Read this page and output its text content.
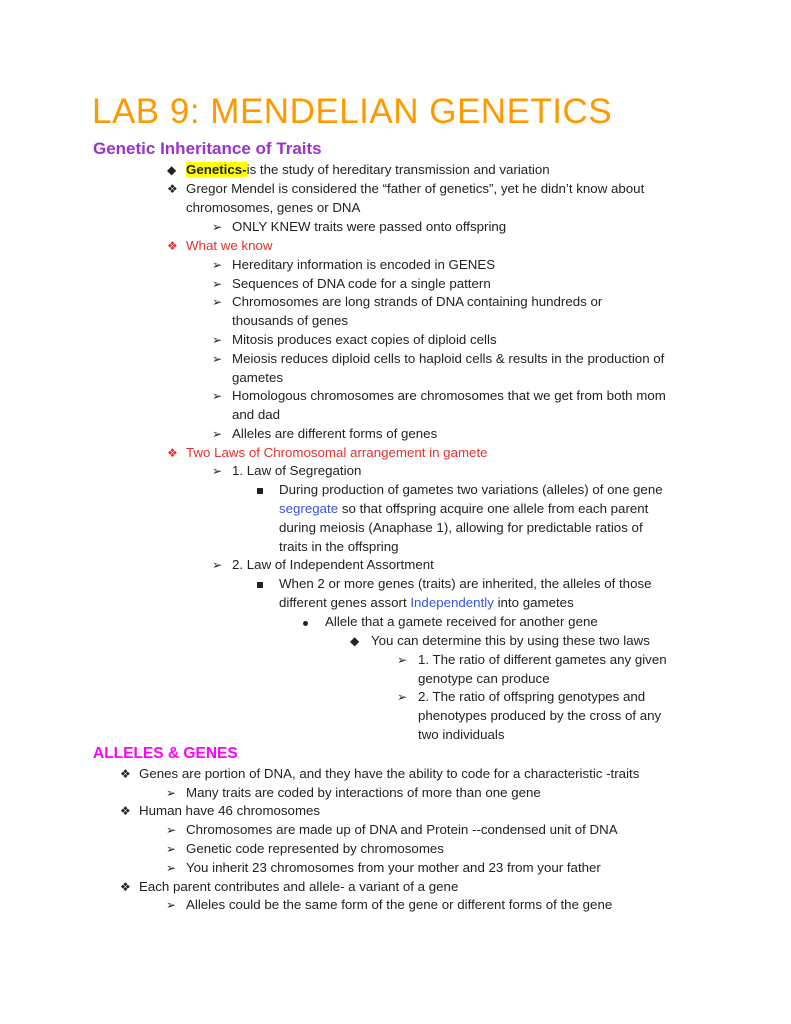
LAB 9: MENDELIAN GENETICS
Genetic Inheritance of Traits
◆ Genetics-is the study of hereditary transmission and variation
❖ Gregor Mendel is considered the “father of genetics”, yet he didn’t know about
chromosomes, genes or DNA
➢ ONLY KNEW traits were passed onto offspring
❖ What we know
➢ Hereditary information is encoded in GENES
➢ Sequences of DNA code for a single pattern
➢ Chromosomes are long strands of DNA containing hundreds or
thousands of genes
➢ Mitosis produces exact copies of diploid cells
➢ Meiosis reduces diploid cells to haploid cells & results in the production of
gametes
➢ Homologous chromosomes are chromosomes that we get from both mom
and dad
➢ Alleles are different forms of genes
❖ Two Laws of Chromosomal arrangement in gamete
➢ 1. Law of Segregation
During production of gametes two variations (alleles) of one gene
segregate so that offspring acquire one allele from each parent
during meiosis (Anaphase 1), allowing for predictable ratios of
traits in the offspring
➢ 2. Law of Independent Assortment
When 2 or more genes (traits) are inherited, the alleles of those
different genes assort Independently into gametes
Allele that a gamete received for another gene
◆ You can determine this by using these two laws
➢ 1. The ratio of different gametes any given
genotype can produce
➢ 2. The ratio of offspring genotypes and
phenotypes produced by the cross of any
two individuals
ALLELES & GENES
❖ Genes are portion of DNA, and they have the ability to code for a characteristic -traits
➢ Many traits are coded by interactions of more than one gene
❖ Human have 46 chromosomes
➢ Chromosomes are made up of DNA and Protein --condensed unit of DNA
➢ Genetic code represented by chromosomes
➢ You inherit 23 chromosomes from your mother and 23 from your father
❖ Each parent contributes and allele- a variant of a gene
➢ Alleles could be the same form of the gene or different forms of the gene
